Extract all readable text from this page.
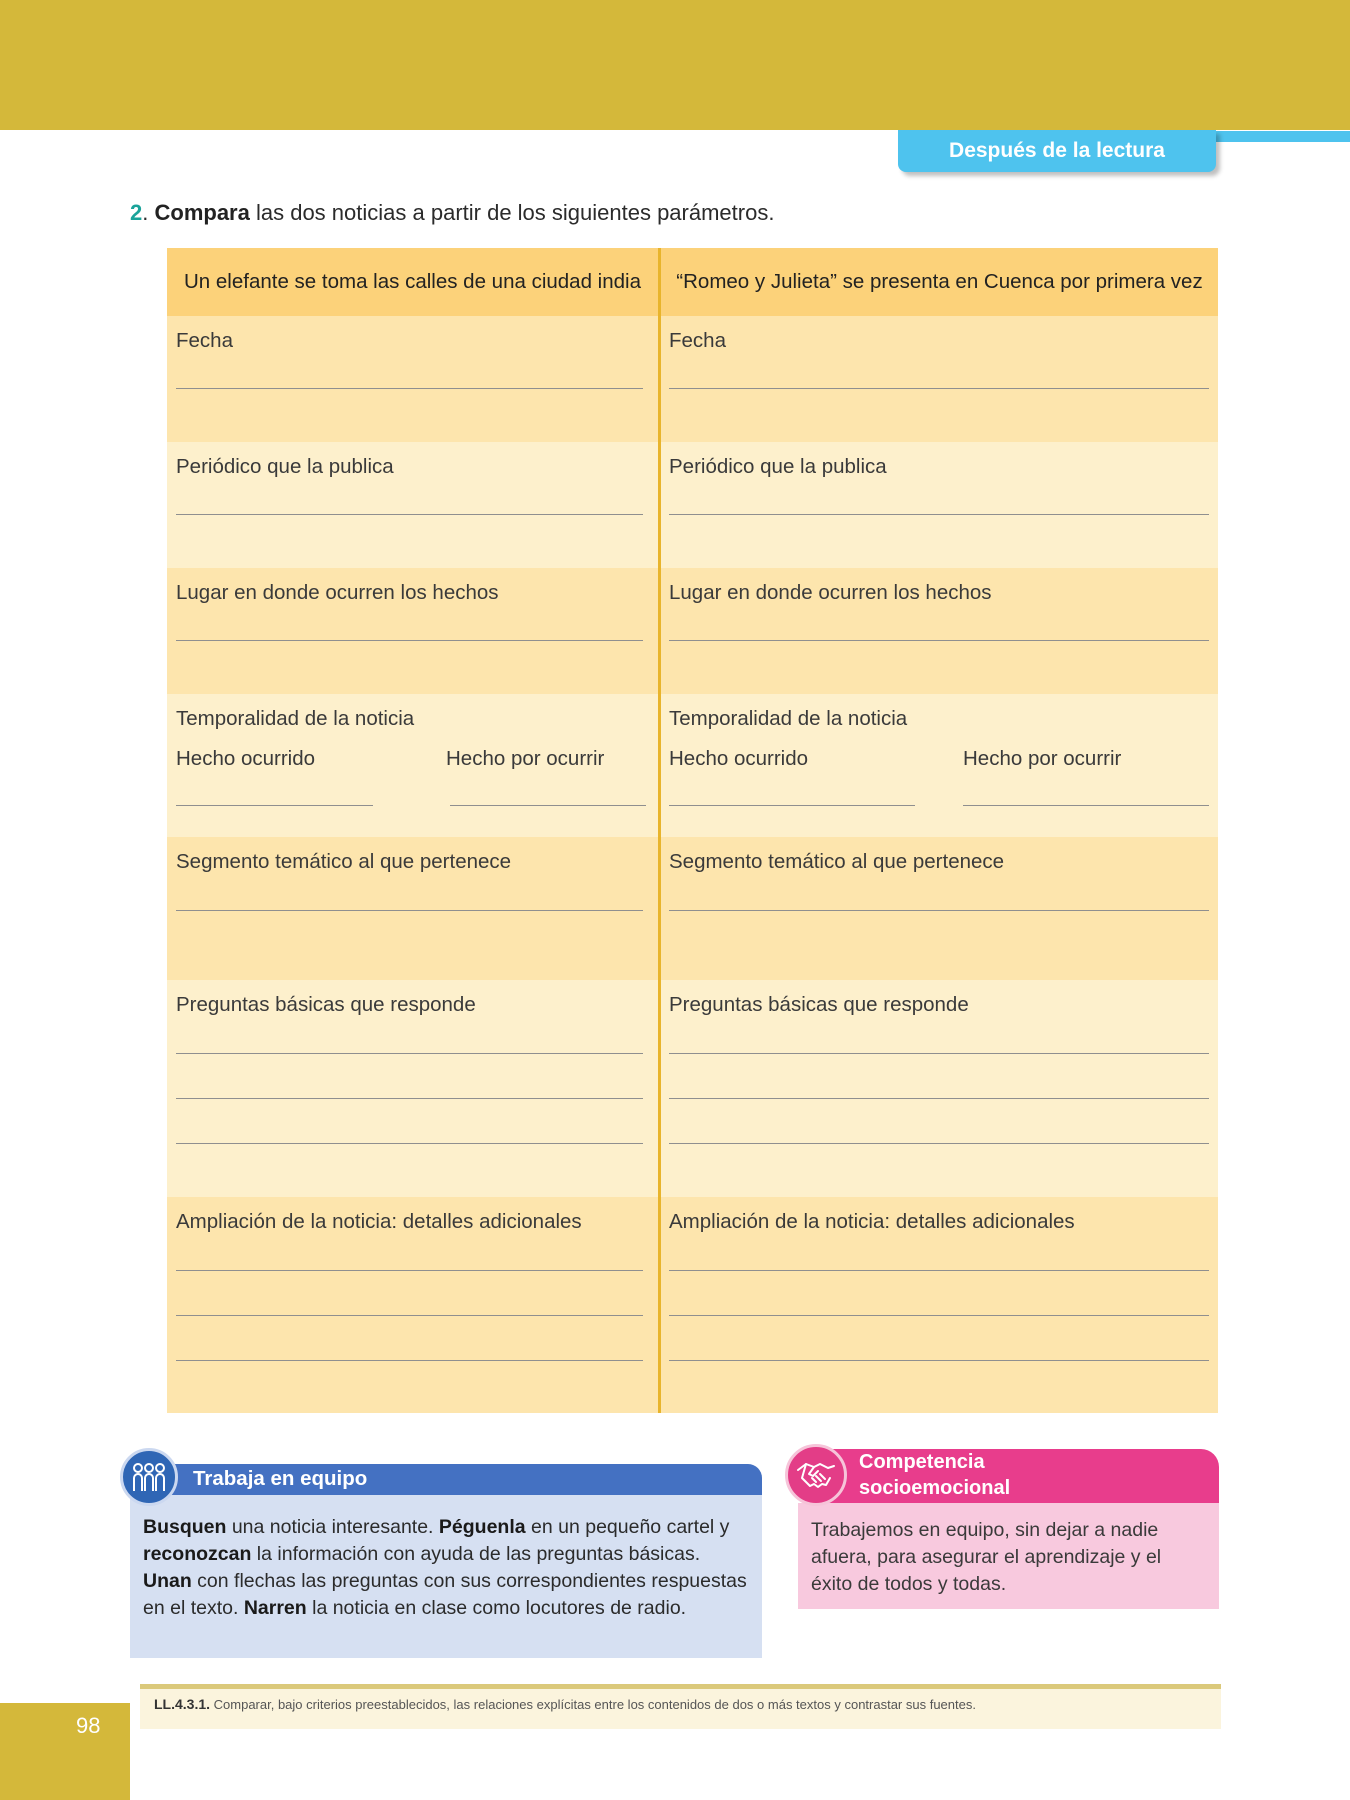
Después de la lectura
2. Compara las dos noticias a partir de los siguientes parámetros.
Un elefante se toma las calles de una ciudad india	“Romeo y Julieta” se presenta en Cuenca por primera vez
Fecha	Fecha
Periódico que la publica	Periódico que la publica
Lugar en donde ocurren los hechos	Lugar en donde ocurren los hechos
Temporalidad de la noticia	Temporalidad de la noticia
Hecho ocurrido	Hecho por ocurrir	Hecho ocurrido	Hecho por ocurrir
Segmento temático al que pertenece	Segmento temático al que pertenece
Preguntas básicas que responde	Preguntas básicas que responde
Ampliación de la noticia: detalles adicionales	Ampliación de la noticia: detalles adicionales
Trabaja en equipo
Busquen una noticia interesante. Péguenla en un pequeño cartel y reconozcan la información con ayuda de las preguntas básicas. Unan con flechas las preguntas con sus correspondientes respuestas en el texto. Narren la noticia en clase como locutores de radio.
Competencia
socioemocional
Trabajemos en equipo, sin dejar a nadie afuera, para asegurar el aprendizaje y el éxito de todos y todas.
LL.4.3.1. Comparar, bajo criterios preestablecidos, las relaciones explícitas entre los contenidos de dos o más textos y contrastar sus fuentes.
98
